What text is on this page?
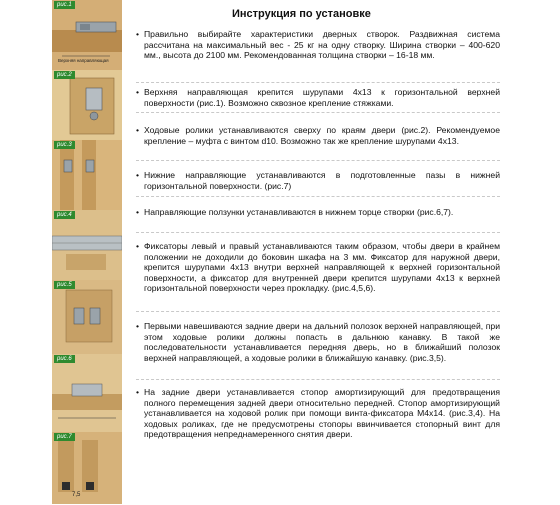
рис.1
Верхняя направляющая
рис.2
рис.3
рис.4
рис.5
рис.6
рис.7
7,5
Инструкция по установке
• Правильно выбирайте характеристики дверных створок. Раздвижная система рассчитана на максимальный вес - 25 кг на одну створку. Ширина створки – 400-620 мм., высота до 2100 мм. Рекомендованная толщина створки – 16-18 мм.
• Верхняя направляющая крепится шурупами 4х13 к горизонтальной верхней поверхности (рис.1). Возможно сквозное крепление стяжками.
• Ходовые ролики устанавливаются сверху по краям двери (рис.2). Рекомендуемое крепление – муфта с винтом d10. Возможно так же крепление шурупами 4х13.
• Нижние направляющие устанавливаются в подготовленные пазы в нижней горизонтальной поверхности. (рис.7)
• Направляющие ползунки устанавливаются в нижнем торце створки (рис.6,7).
• Фиксаторы левый и правый устанавливаются таким образом, чтобы двери в крайнем положении не доходили до боковин шкафа на 3 мм. Фиксатор для наружной двери, крепится шурупами 4х13 внутри верхней направляющей к верхней горизонтальной поверхности, а фиксатор для внутренней двери крепится шурупами 4х13 к верхней горизонтальной поверхности через прокладку. (рис.4,5,6).
• Первыми навешиваются задние двери на дальний полозок верхней направляющей, при этом ходовые ролики должны попасть в дальнюю канавку. В такой же последовательности устанавливается передняя дверь, но в ближайший полозок верхней направляющей, а ходовые ролики в ближайшую канавку. (рис.3,5).
• На задние двери устанавливается стопор амортизирующий для предотвращения полного перемещения задней двери относительно передней. Стопор амортизирующий устанавливается на ходовой ролик при помощи винта-фиксатора М4х14. (рис.3,4). На ходовых роликах, где не предусмотрены стопоры ввинчивается стопорный винт для предотвращения непреднамеренного снятия двери.
